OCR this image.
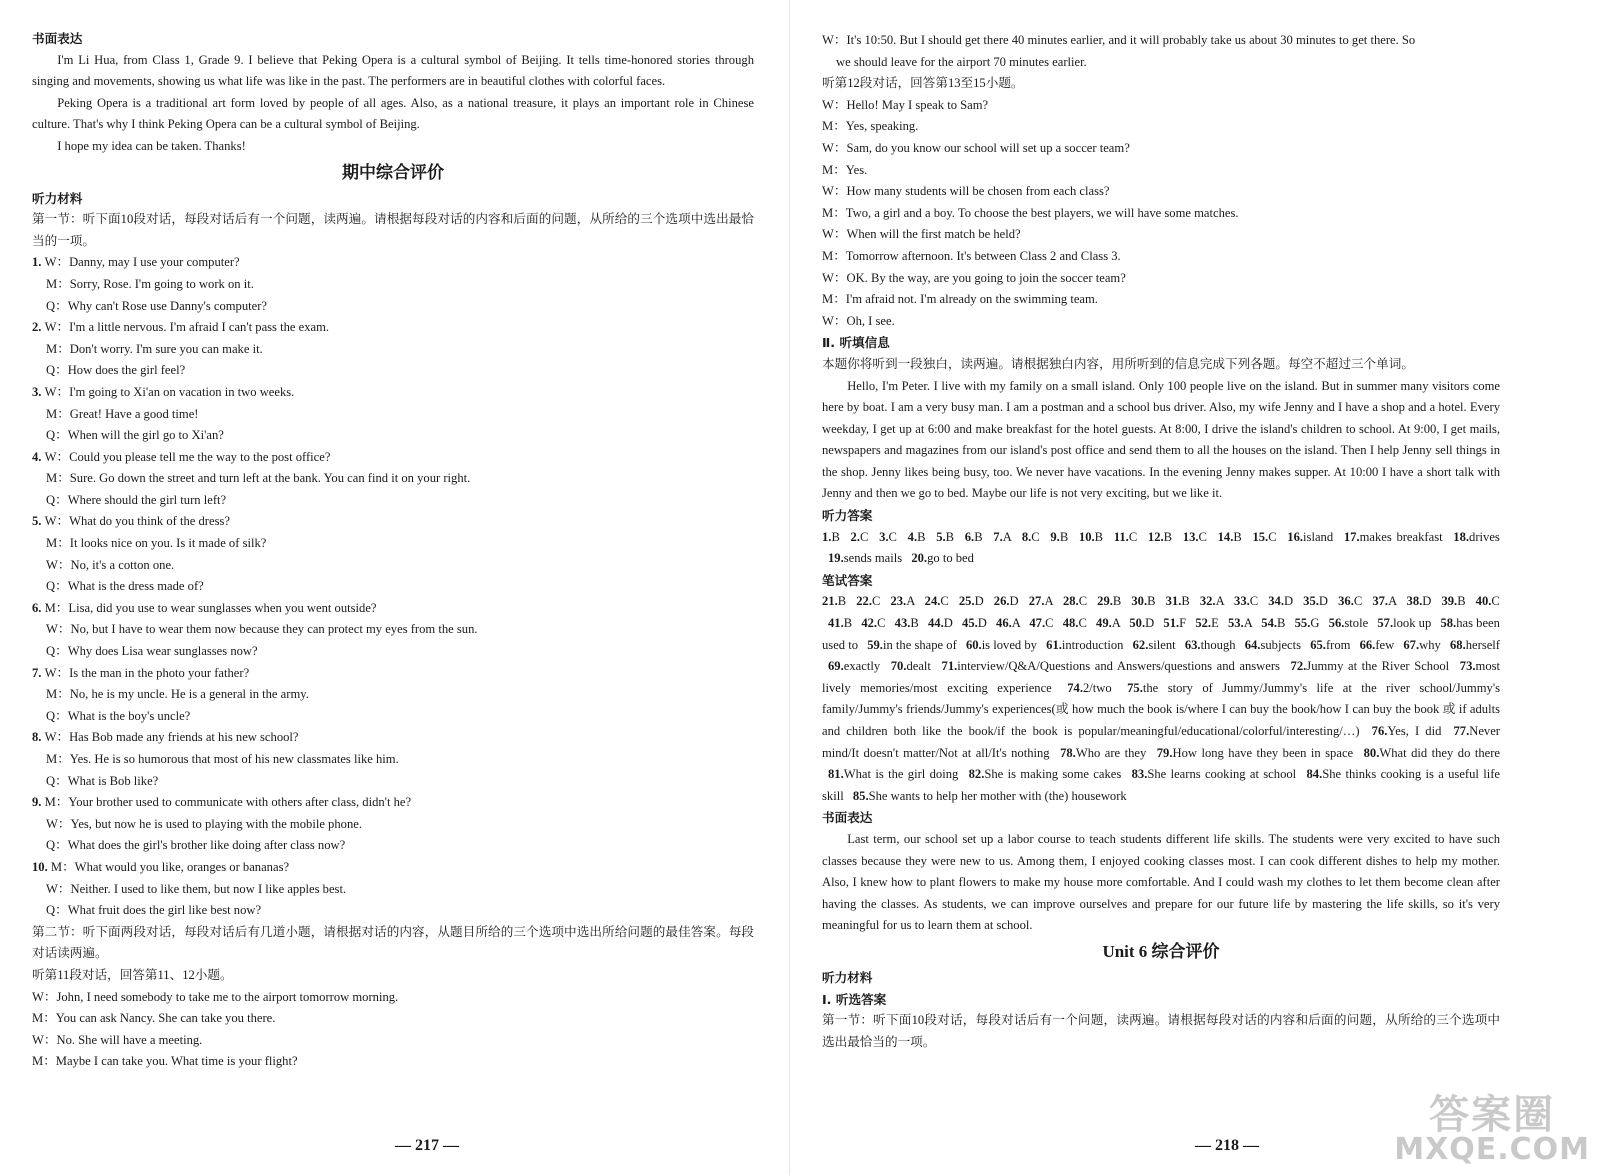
书面表达
I'm Li Hua, from Class 1, Grade 9. I believe that Peking Opera is a cultural symbol of Beijing. It tells time-honored stories through singing and movements, showing us what life was like in the past. The performers are in beautiful clothes with colorful faces.
Peking Opera is a traditional art form loved by people of all ages. Also, as a national treasure, it plays an important role in Chinese culture. That's why I think Peking Opera can be a cultural symbol of Beijing.
I hope my idea can be taken. Thanks!
期中综合评价
听力材料
第一节：听下面10段对话，每段对话后有一个问题，读两遍。请根据每段对话的内容和后面的问题，从所给的三个选项中选出最恰当的一项。
1. W：Danny, may I use your computer?
M：Sorry, Rose. I'm going to work on it.
Q：Why can't Rose use Danny's computer?
2. W：I'm a little nervous. I'm afraid I can't pass the exam.
M：Don't worry. I'm sure you can make it.
Q：How does the girl feel?
3. W：I'm going to Xi'an on vacation in two weeks.
M：Great! Have a good time!
Q：When will the girl go to Xi'an?
4. W：Could you please tell me the way to the post office?
M：Sure. Go down the street and turn left at the bank. You can find it on your right.
Q：Where should the girl turn left?
5. W：What do you think of the dress?
M：It looks nice on you. Is it made of silk?
W：No, it's a cotton one.
Q：What is the dress made of?
6. M：Lisa, did you use to wear sunglasses when you went outside?
W：No, but I have to wear them now because they can protect my eyes from the sun.
Q：Why does Lisa wear sunglasses now?
7. W：Is the man in the photo your father?
M：No, he is my uncle. He is a general in the army.
Q：What is the boy's uncle?
8. W：Has Bob made any friends at his new school?
M：Yes. He is so humorous that most of his new classmates like him.
Q：What is Bob like?
9. M：Your brother used to communicate with others after class, didn't he?
W：Yes, but now he is used to playing with the mobile phone.
Q：What does the girl's brother like doing after class now?
10. M：What would you like, oranges or bananas?
W：Neither. I used to like them, but now I like apples best.
Q：What fruit does the girl like best now?
第二节：听下面两段对话，每段对话后有几道小题，请根据对话的内容，从题目所给的三个选项中选出所给问题的最佳答案。每段对话读两遍。
听第11段对话，回答第11、12小题。
W：John, I need somebody to take me to the airport tomorrow morning.
M：You can ask Nancy. She can take you there.
W：No. She will have a meeting.
M：Maybe I can take you. What time is your flight?
— 217 —
W：It's 10:50. But I should get there 40 minutes earlier, and it will probably take us about 30 minutes to get there. So
we should leave for the airport 70 minutes earlier.
听第12段对话，回答第13至15小题。
W：Hello! May I speak to Sam?
M：Yes, speaking.
W：Sam, do you know our school will set up a soccer team?
M：Yes.
W：How many students will be chosen from each class?
M：Two, a girl and a boy. To choose the best players, we will have some matches.
W：When will the first match be held?
M：Tomorrow afternoon. It's between Class 2 and Class 3.
W：OK. By the way, are you going to join the soccer team?
M：I'm afraid not. I'm already on the swimming team.
W：Oh, I see.
Ⅱ. 听填信息
本题你将听到一段独白，读两遍。请根据独白内容，用所听到的信息完成下列各题。每空不超过三个单词。
Hello, I'm Peter. I live with my family on a small island. Only 100 people live on the island. But in summer many visitors come here by boat. I am a very busy man. I am a postman and a school bus driver. Also, my wife Jenny and I have a shop and a hotel. Every weekday, I get up at 6:00 and make breakfast for the hotel guests. At 8:00, I drive the island's children to school. At 9:00, I get mails, newspapers and magazines from our island's post office and send them to all the houses on the island. Then I help Jenny sell things in the shop. Jenny likes being busy, too. We never have vacations. In the evening Jenny makes supper. At 10:00 I have a short talk with Jenny and then we go to bed. Maybe our life is not very exciting, but we like it.
听力答案
1.B 2.C 3.C 4.B 5.B 6.B 7.A 8.C 9.B 10.B 11.C 12.B 13.C 14.B 15.C 16.island 17.makes breakfast 18.drives 19.sends mails 20.go to bed
笔试答案
21.B 22.C 23.A 24.C 25.D 26.D 27.A 28.C 29.B 30.B 31.B 32.A 33.C 34.D 35.D 36.C 37.A 38.D 39.B 40.C 41.B 42.C 43.B 44.D 45.D 46.A 47.C 48.C 49.A 50.D 51.F 52.E 53.A 54.B 55.G 56.stole 57.look up 58.has been used to 59.in the shape of 60.is loved by 61.introduction 62.silent 63.though 64.subjects 65.from 66.few 67.why 68.herself 69.exactly 70.dealt 71.interview/Q&A/Questions and Answers/questions and answers 72.Jummy at the River School 73.most lively memories/most exciting experience 74.2/two 75.the story of Jummy/Jummy's life at the river school/Jummy's family/Jummy's friends/Jummy's experiences(或 how much the book is/where I can buy the book/how I can buy the book 或 if adults and children both like the book/if the book is popular/meaningful/educational/colorful/interesting/…) 76.Yes, I did 77.Never mind/It doesn't matter/Not at all/It's nothing 78.Who are they 79.How long have they been in space 80.What did they do there 81.What is the girl doing 82.She is making some cakes 83.She learns cooking at school 84.She thinks cooking is a useful life skill 85.She wants to help her mother with (the) housework
书面表达
Last term, our school set up a labor course to teach students different life skills. The students were very excited to have such classes because they were new to us. Among them, I enjoyed cooking classes most. I can cook different dishes to help my mother. Also, I knew how to plant flowers to make my house more comfortable. And I could wash my clothes to let them become clean after having the classes. As students, we can improve ourselves and prepare for our future life by mastering the life skills, so it's very meaningful for us to learn them at school.
Unit 6 综合评价
听力材料
Ⅰ. 听选答案
第一节：听下面10段对话，每段对话后有一个问题，读两遍。请根据每段对话的内容和后面的问题，从所给的三个选项中选出最恰当的一项。
— 218 —
答案圈
MXQE.COM
